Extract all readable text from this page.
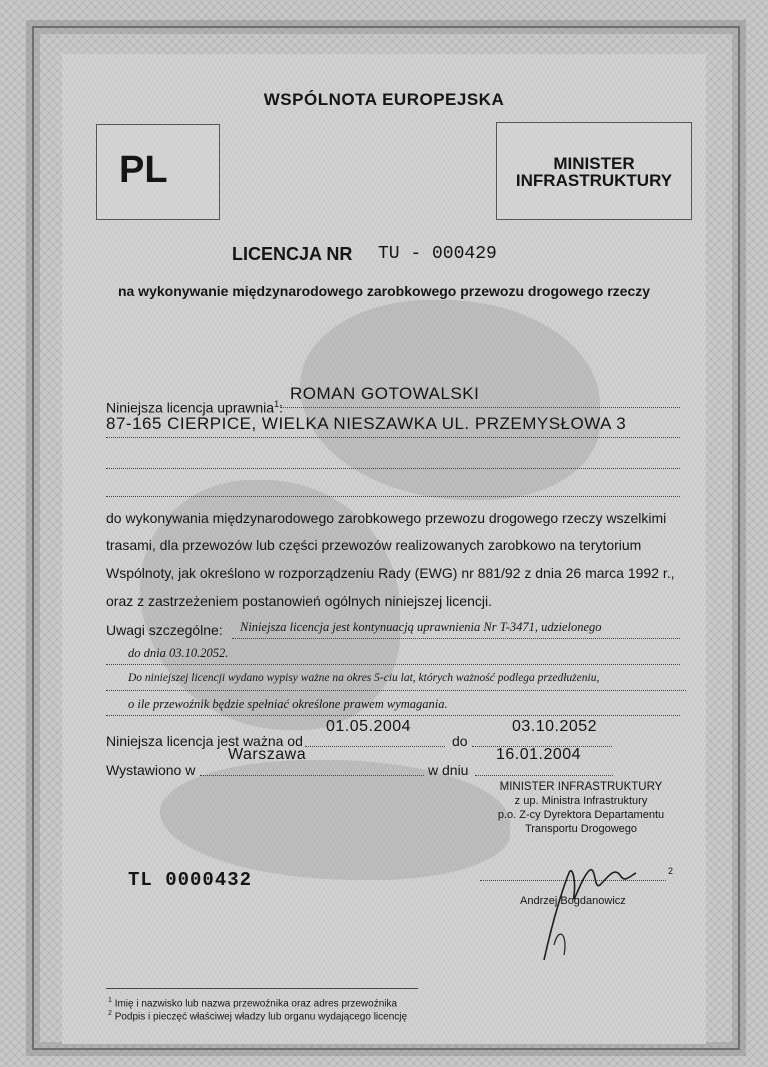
WSPÓLNOTA EUROPEJSKA
PL	MINISTER INFRASTRUKTURY
LICENCJA NR TU - 000429
na wykonywanie międzynarodowego zarobkowego przewozu drogowego rzeczy
Niniejsza licencja uprawnia$^1$:
ROMAN GOTOWALSKI
87-165 CIERPICE, WIELKA NIESZAWKA UL. PRZEMYSŁOWA 3
do wykonywania międzynarodowego zarobkowego przewozu drogowego rzeczy wszelkimi
trasami, dla przewozów lub części przewozów realizowanych zarobkowo na terytorium
Wspólnoty, jak określono w rozporządzeniu Rady (EWG) nr 881/92 z dnia 26 marca 1992 r.,
oraz z zastrzeżeniem postanowień ogólnych niniejszej licencji.
Uwagi szczególne: Niniejsza licencja jest kontynuacją uprawnienia Nr T-3471, udzielonego
do dnia 03.10.2052.
Do niniejszej licencji wydano wypisy ważne na okres 5-ciu lat, których ważność podlega przedłużeniu,
o ile przewoźnik będzie spełniać określone prawem wymagania.
Niniejsza licencja jest ważna od
01.05.2004
do
03.10.2052
Wystawiono w
Warszawa
w dniu
16.01.2004
MINISTER INFRASTRUKTURY
z up. Ministra Infrastruktury
p.o. Z-cy Dyrektora Departamentu
Transportu Drogowego
TL 0000432	2
Andrzej Bogdanowicz
$^1$ Imię i nazwisko lub nazwa przewoźnika oraz adres przewoźnika
$^2$ Podpis i pieczęć właściwej władzy lub organu wydającego licencję
